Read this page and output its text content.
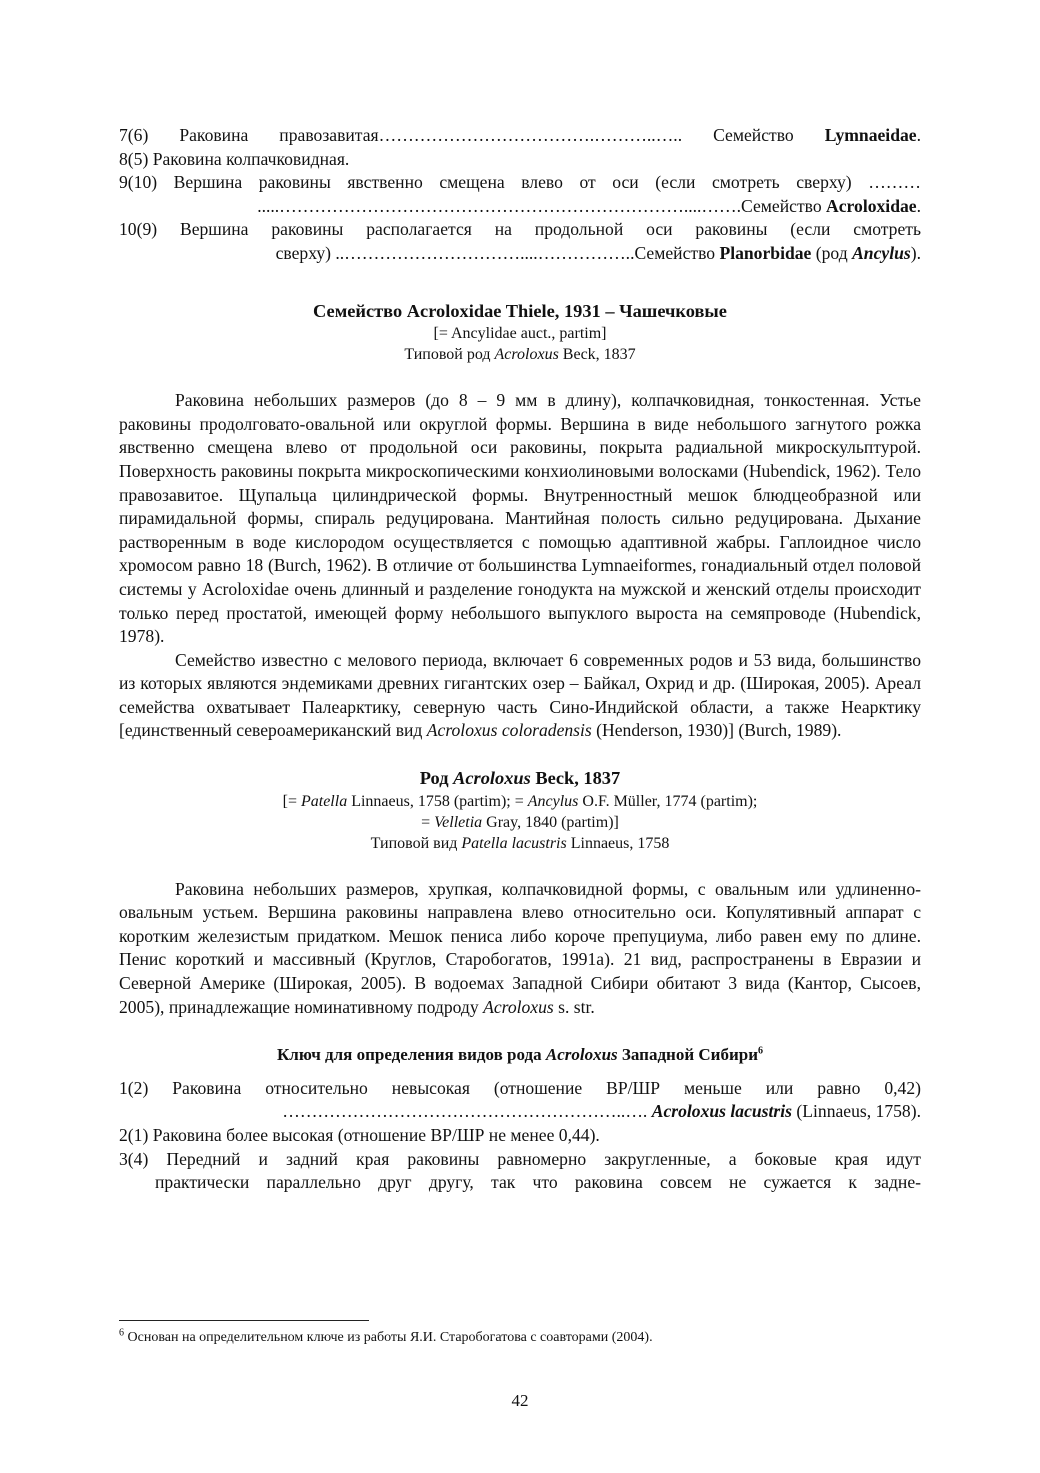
7(6) Раковина правозавитая……………………………….………..….. Семейство Lymnaeidae.
8(5) Раковина колпачковидная.
9(10) Вершина раковины явственно смещена влево от оси (если смотреть сверху) ………
.....……………………………………………………………....…….Семейство Acroloxidae.
10(9) Вершина раковины располагается на продольной оси раковины (если смотреть
сверху) ..…………………………....……………..Семейство Planorbidae (род Ancylus).
Семейство Acroloxidae Thiele, 1931 – Чашечковые
[= Ancylidae auct., partim]
Типовой род Acroloxus Beck, 1837

Раковина небольших размеров (до 8 – 9 мм в длину), колпачковидная, тонкостенная. Устье раковины продолговато-овальной или округлой формы. Вершина в виде небольшого загнутого рожка явственно смещена влево от продольной оси раковины, покрыта радиальной микроскульптурой. Поверхность раковины покрыта микроскопическими конхиолиновыми волосками (Hubendick, 1962). Тело правозавитое. Щупальца цилиндрической формы. Внутренностный мешок блюдцеобразной или пирамидальной формы, спираль редуцирована. Мантийная полость сильно редуцирована. Дыхание растворенным в воде кислородом осуществляется с помощью адаптивной жабры. Гаплоидное число хромосом равно 18 (Burch, 1962). В отличие от большинства Lymnaeiformes, гонадиальный отдел половой системы у Acroloxidae очень длинный и разделение гонодукта на мужской и женский отделы происходит только перед простатой, имеющей форму небольшого выпуклого выроста на семяпроводе (Hubendick, 1978).

Семейство известно с мелового периода, включает 6 современных родов и 53 вида, большинство из которых являются эндемиками древних гигантских озер – Байкал, Охрид и др. (Широкая, 2005). Ареал семейства охватывает Палеарктику, северную часть Сино-Индийской области, а также Неарктику [единственный североамериканский вид Acroloxus coloradensis (Henderson, 1930)] (Burch, 1989).

Род Acroloxus Beck, 1837
[= Patella Linnaeus, 1758 (partim); = Ancylus O.F. Müller, 1774 (partim);
= Velletia Gray, 1840 (partim)]
Типовой вид Patella lacustris Linnaeus, 1758

Раковина небольших размеров, хрупкая, колпачковидной формы, с овальным или удлиненно-овальным устьем. Вершина раковины направлена влево относительно оси. Копулятивный аппарат с коротким железистым придатком. Мешок пениса либо короче препуциума, либо равен ему по длине. Пенис короткий и массивный (Круглов, Старобогатов, 1991а). 21 вид, распространены в Евразии и Северной Америке (Широкая, 2005). В водоемах Западной Сибири обитают 3 вида (Кантор, Сысоев, 2005), принадлежащие номинативному подроду Acroloxus s. str.

Ключ для определения видов рода Acroloxus Западной Сибири$^6$
1(2) Раковина относительно невысокая (отношение ВР/ШР меньше или равно 0,42)
…………………………………………………..…. Acroloxus lacustris (Linnaeus, 1758).
2(1) Раковина более высокая (отношение ВР/ШР не менее 0,44).
3(4) Передний и задний края раковины равномерно закругленные, а боковые края идут
практически параллельно друг другу, так что раковина совсем не сужается к задне-
$^6$ Основан на определительном ключе из работы Я.И. Старобогатова с соавторами (2004).
42
